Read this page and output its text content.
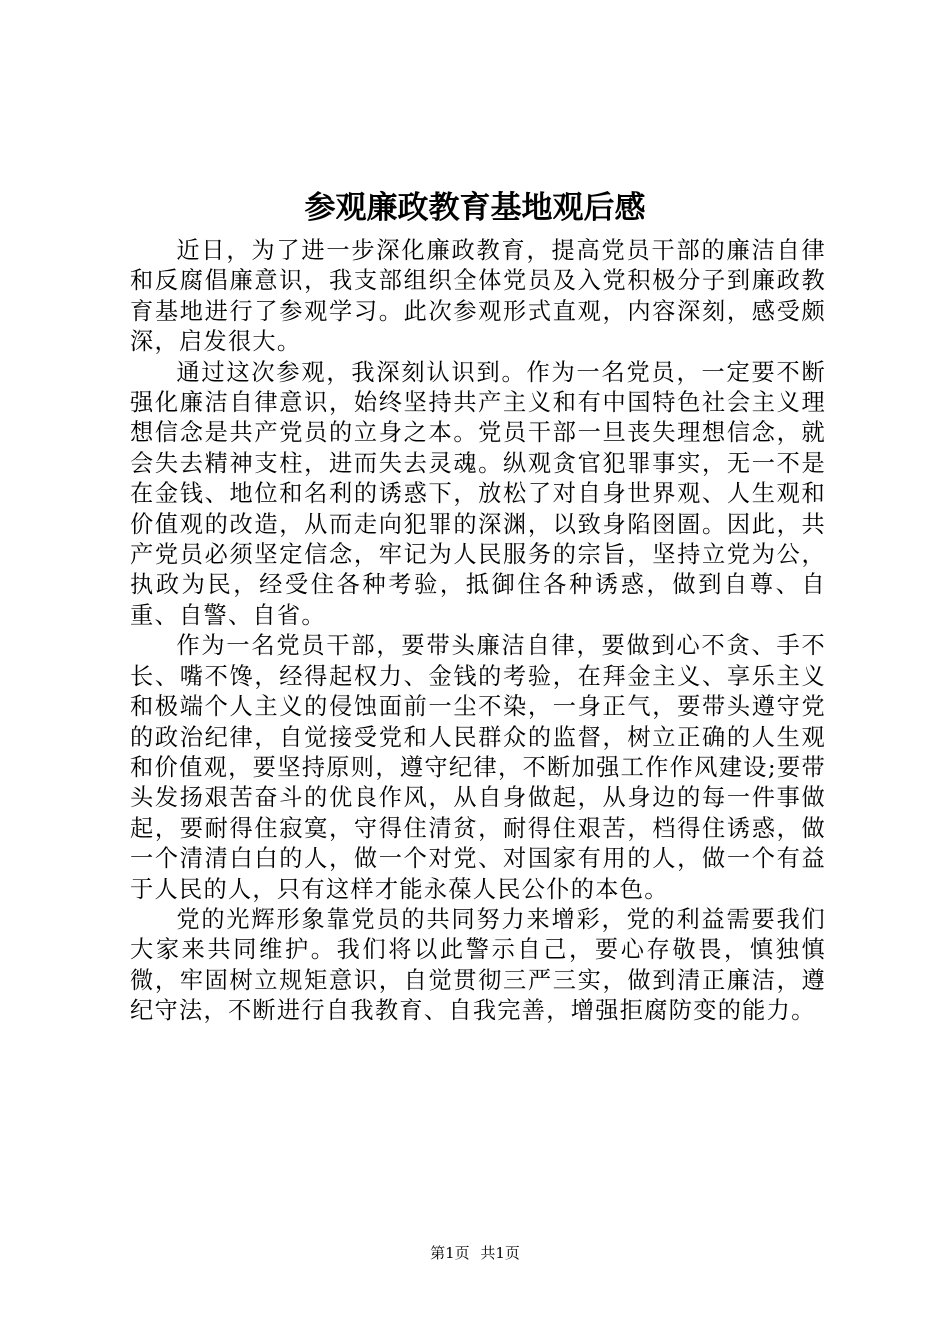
参观廉政教育基地观后感

近日，为了进一步深化廉政教育，提高党员干部的廉洁自律和反腐倡廉意识，我支部组织全体党员及入党积极分子到廉政教育基地进行了参观学习。此次参观形式直观，内容深刻，感受颇深，启发很大。

通过这次参观，我深刻认识到。作为一名党员，一定要不断强化廉洁自律意识，始终坚持共产主义和有中国特色社会主义理想信念是共产党员的立身之本。党员干部一旦丧失理想信念，就会失去精神支柱，进而失去灵魂。纵观贪官犯罪事实，无一不是在金钱、地位和名利的诱惑下，放松了对自身世界观、人生观和价值观的改造，从而走向犯罪的深渊，以致身陷囹圄。因此，共产党员必须坚定信念，牢记为人民服务的宗旨，坚持立党为公，执政为民，经受住各种考验，抵御住各种诱惑，做到自尊、自重、自警、自省。

作为一名党员干部，要带头廉洁自律，要做到心不贪、手不长、嘴不馋，经得起权力、金钱的考验，在拜金主义、享乐主义和极端个人主义的侵蚀面前一尘不染，一身正气，要带头遵守党的政治纪律，自觉接受党和人民群众的监督，树立正确的人生观和价值观，要坚持原则，遵守纪律，不断加强工作作风建设;要带头发扬艰苦奋斗的优良作风，从自身做起，从身边的每一件事做起，要耐得住寂寞，守得住清贫，耐得住艰苦，档得住诱惑，做一个清清白白的人，做一个对党、对国家有用的人，做一个有益于人民的人，只有这样才能永葆人民公仆的本色。

党的光辉形象靠党员的共同努力来增彩，党的利益需要我们大家来共同维护。我们将以此警示自己，要心存敬畏，慎独慎微，牢固树立规矩意识，自觉贯彻三严三实，做到清正廉洁，遵纪守法，不断进行自我教育、自我完善，增强拒腐防变的能力。

第1页 共1页
